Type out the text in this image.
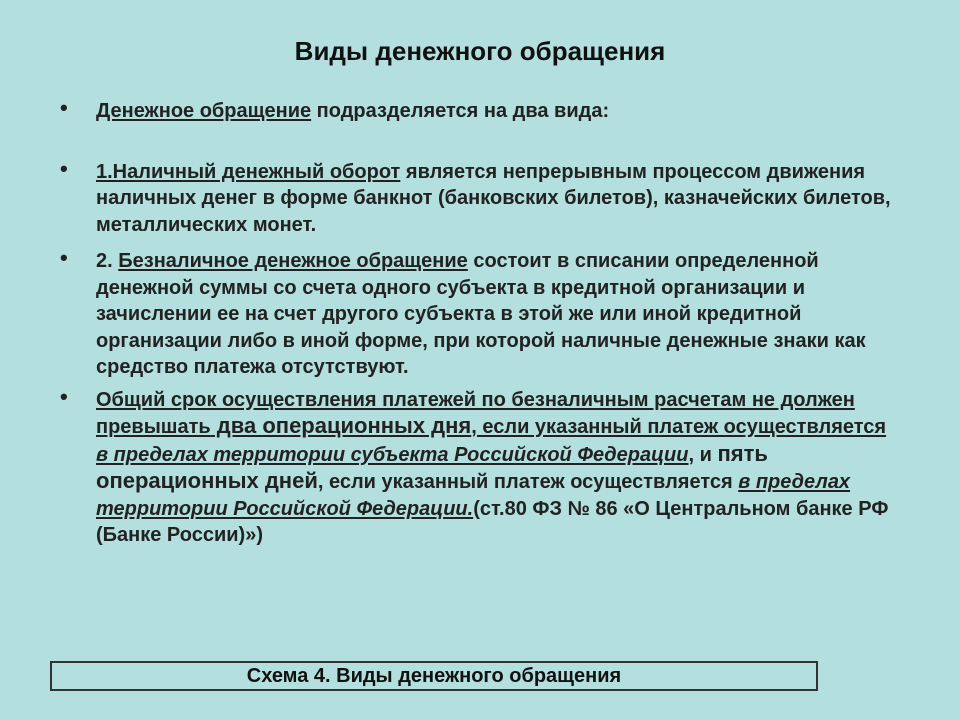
Виды денежного обращения
• Денежное обращение подразделяется на два вида:
• 1.Наличный денежный оборот является непрерывным процессом движения наличных денег в форме банкнот (банковских билетов), казначейских билетов, металлических монет.
• 2. Безналичное денежное обращение состоит в списании определенной денежной суммы со счета одного субъекта в кредитной организации и зачислении ее на счет другого субъекта в этой же или иной кредитной организации либо в иной форме, при которой наличные денежные знаки как средство платежа отсутствуют.
• Общий срок осуществления платежей по безналичным расчетам не должен превышать два операционных дня, если указанный платеж осуществляется в пределах территории субъекта Российской Федерации, и пять операционных дней, если указанный платеж осуществляется в пределах территории Российской Федерации.(ст.80 ФЗ № 86 «О Центральном банке РФ (Банке России)»)
Схема 4. Виды денежного обращения
